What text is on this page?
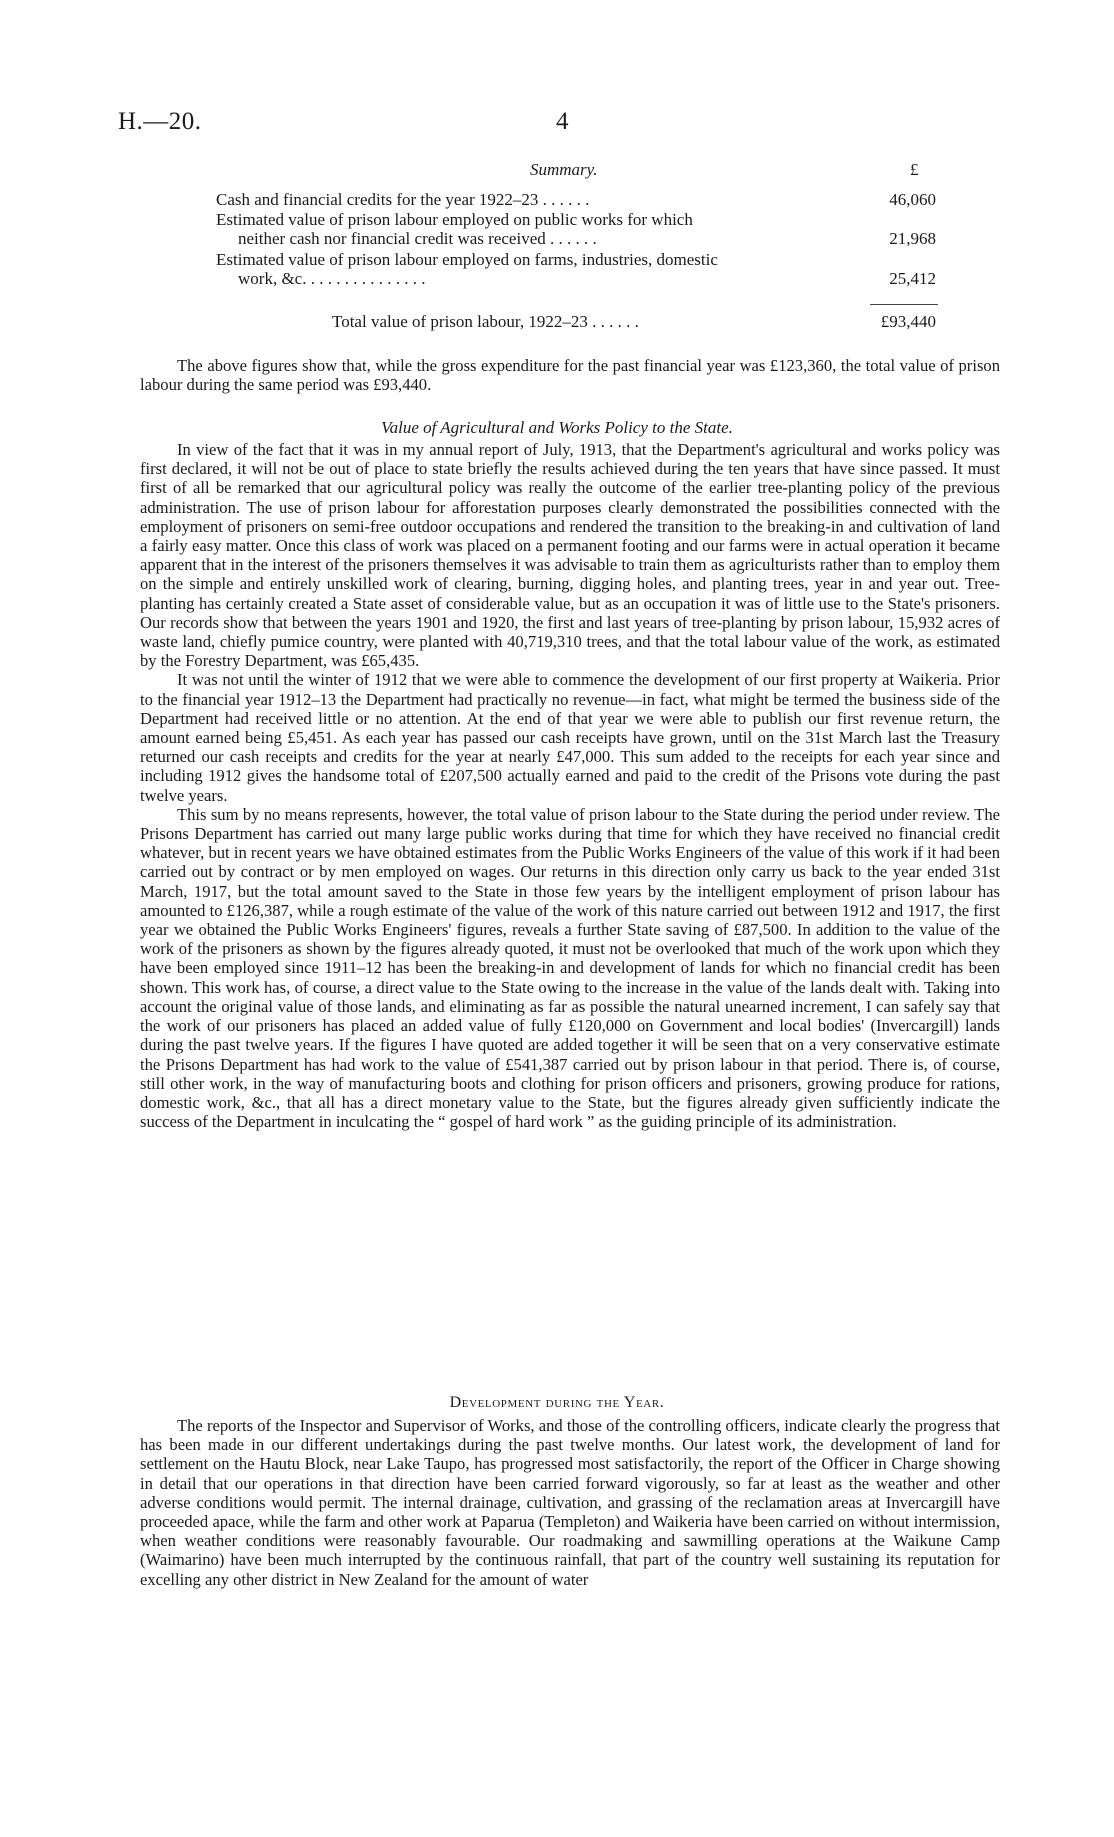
H.—20.	4
Summary.	£
Cash and financial credits for the year 1922–23 . . . . . .	46,060
Estimated value of prison labour employed on public works for which
neither cash nor financial credit was received . . . . . .	21,968
Estimated value of prison labour employed on farms, industries, domestic
work, &c. . . . . . . . . . . . . . .	25,412
Total value of prison labour, 1922–23 . . . . . .	£93,440

The above figures show that, while the gross expenditure for the past financial year was £123,360, the total value of prison labour during the same period was £93,440.

Value of Agricultural and Works Policy to the State.

In view of the fact that it was in my annual report of July, 1913, that the Department's agricultural and works policy was first declared, it will not be out of place to state briefly the results achieved during the ten years that have since passed. It must first of all be remarked that our agricultural policy was really the outcome of the earlier tree-planting policy of the previous administration. The use of prison labour for afforestation purposes clearly demonstrated the possibilities connected with the employment of prisoners on semi-free outdoor occupations and rendered the transition to the breaking-in and cultivation of land a fairly easy matter. Once this class of work was placed on a permanent footing and our farms were in actual operation it became apparent that in the interest of the prisoners themselves it was advisable to train them as agriculturists rather than to employ them on the simple and entirely unskilled work of clearing, burning, digging holes, and planting trees, year in and year out. Tree-planting has certainly created a State asset of considerable value, but as an occupation it was of little use to the State's prisoners. Our records show that between the years 1901 and 1920, the first and last years of tree-planting by prison labour, 15,932 acres of waste land, chiefly pumice country, were planted with 40,719,310 trees, and that the total labour value of the work, as estimated by the Forestry Department, was £65,435.

It was not until the winter of 1912 that we were able to commence the development of our first property at Waikeria. Prior to the financial year 1912–13 the Department had practically no revenue—in fact, what might be termed the business side of the Department had received little or no attention. At the end of that year we were able to publish our first revenue return, the amount earned being £5,451. As each year has passed our cash receipts have grown, until on the 31st March last the Treasury returned our cash receipts and credits for the year at nearly £47,000. This sum added to the receipts for each year since and including 1912 gives the handsome total of £207,500 actually earned and paid to the credit of the Prisons vote during the past twelve years.

This sum by no means represents, however, the total value of prison labour to the State during the period under review. The Prisons Department has carried out many large public works during that time for which they have received no financial credit whatever, but in recent years we have obtained estimates from the Public Works Engineers of the value of this work if it had been carried out by contract or by men employed on wages. Our returns in this direction only carry us back to the year ended 31st March, 1917, but the total amount saved to the State in those few years by the intelligent employment of prison labour has amounted to £126,387, while a rough estimate of the value of the work of this nature carried out between 1912 and 1917, the first year we obtained the Public Works Engineers' figures, reveals a further State saving of £87,500. In addition to the value of the work of the prisoners as shown by the figures already quoted, it must not be overlooked that much of the work upon which they have been employed since 1911–12 has been the breaking-in and development of lands for which no financial credit has been shown. This work has, of course, a direct value to the State owing to the increase in the value of the lands dealt with. Taking into account the original value of those lands, and eliminating as far as possible the natural unearned increment, I can safely say that the work of our prisoners has placed an added value of fully £120,000 on Government and local bodies' (Invercargill) lands during the past twelve years. If the figures I have quoted are added together it will be seen that on a very conservative estimate the Prisons Department has had work to the value of £541,387 carried out by prison labour in that period. There is, of course, still other work, in the way of manufacturing boots and clothing for prison officers and prisoners, growing produce for rations, domestic work, &c., that all has a direct monetary value to the State, but the figures already given sufficiently indicate the success of the Department in inculcating the “ gospel of hard work ” as the guiding principle of its administration.

Development during the Year.

The reports of the Inspector and Supervisor of Works, and those of the controlling officers, indicate clearly the progress that has been made in our different undertakings during the past twelve months. Our latest work, the development of land for settlement on the Hautu Block, near Lake Taupo, has progressed most satisfactorily, the report of the Officer in Charge showing in detail that our operations in that direction have been carried forward vigorously, so far at least as the weather and other adverse conditions would permit. The internal drainage, cultivation, and grassing of the reclamation areas at Invercargill have proceeded apace, while the farm and other work at Paparua (Templeton) and Waikeria have been carried on without intermission, when weather conditions were reasonably favourable. Our roadmaking and sawmilling operations at the Waikune Camp (Waimarino) have been much interrupted by the continuous rainfall, that part of the country well sustaining its reputation for excelling any other district in New Zealand for the amount of water
